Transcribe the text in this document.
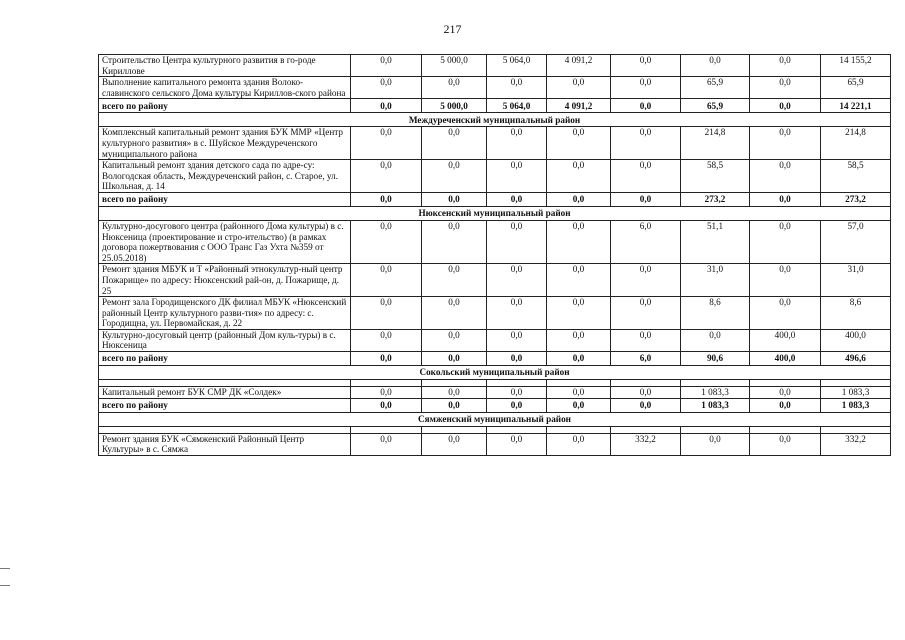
217
Строительство Центра культурного развития в го-роде Кириллове	0,0	5 000,0	5 064,0	4 091,2	0,0	0,0	0,0	14 155,2
Выполнение капитального ремонта здания Волоко-славинского сельского Дома культуры Кириллов-ского района	0,0	0,0	0,0	0,0	0,0	65,9	0,0	65,9
всего по району	0,0	5 000,0	5 064,0	4 091,2	0,0	65,9	0,0	14 221,1
Междуреченский муниципальный район								
Комплексный капитальный ремонт здания БУК ММР «Центр культурного развития» в с. Шуйское Междуреченского муниципального района	0,0	0,0	0,0	0,0	0,0	214,8	0,0	214,8
Капитальный ремонт здания детского сада по адре-су: Вологодская область, Междуреченский район, с. Старое, ул. Школьная, д. 14	0,0	0,0	0,0	0,0	0,0	58,5	0,0	58,5
всего по району	0,0	0,0	0,0	0,0	0,0	273,2	0,0	273,2
Нюксенский муниципальный район								
Культурно-досугового центра (районного Дома культуры) в с. Нюксеница (проектирование и стро-ительство) (в рамках договора пожертвования с ООО Транс Газ Ухта №359 от 25.05.2018)	0,0	0,0	0,0	0,0	6,0	51,1	0,0	57,0
Ремонт здания МБУК и Т «Районный этнокультур-ный центр Пожарище» по адресу: Нюксенский рай-он, д. Пожарище, д. 25	0,0	0,0	0,0	0,0	0,0	31,0	0,0	31,0
Ремонт зала Городищенского ДК филиал МБУК «Нюксенский районный Центр культурного разви-тия» по адресу: с. Городищна, ул. Первомайская, д. 22	0,0	0,0	0,0	0,0	0,0	8,6	0,0	8,6
Культурно-досуговый центр (районный Дом куль-туры) в с. Нюксеница	0,0	0,0	0,0	0,0	0,0	0,0	400,0	400,0
всего по району	0,0	0,0	0,0	0,0	6,0	90,6	400,0	496,6
Сокольский муниципальный район								

Капитальный ремонт БУК СМР ДК «Солдек»	0,0	0,0	0,0	0,0	0,0	1 083,3	0,0	1 083,3
всего по району	0,0	0,0	0,0	0,0	0,0	1 083,3	0,0	1 083,3
Сямженский муниципальный район								

Ремонт здания БУК «Сямженский Районный Центр Культуры» в с. Сямжа	0,0	0,0	0,0	0,0	332,2	0,0	0,0	332,2
